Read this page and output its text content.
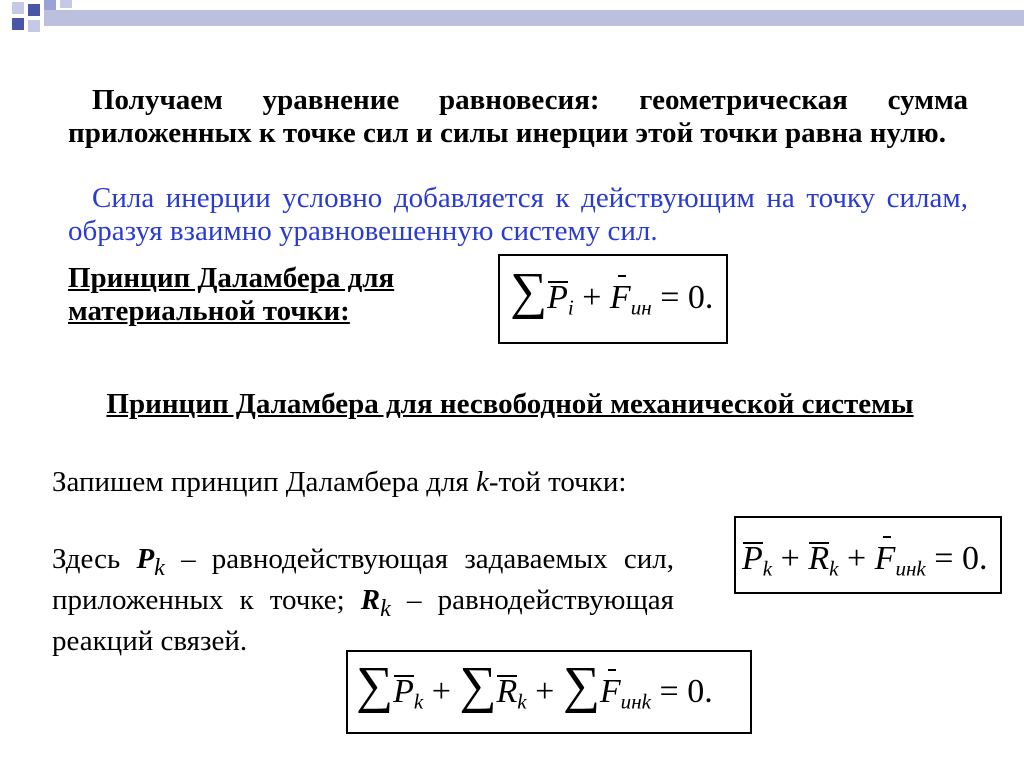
Получаем уравнение равновесия: геометрическая сумма приложенных к точке сил и силы инерции этой точки равна нулю.
Сила инерции условно добавляется к действующим на точку силам, образуя взаимно уравновешенную систему сил.
Принцип Даламбера для материальной точки:	$\sum P_i + F_{ин} = 0$.
Принцип Даламбера для несвободной механической системы
Запишем принцип Даламбера для k-той точки:
$P_k + R_k + F_{инk} = 0$.
Здесь $P_k$ – равнодействующая задаваемых сил, приложенных к точке; $R_k$ – равнодействующая реакций связей.
$\sum P_k + \sum R_k + \sum F_{инk} = 0$.
